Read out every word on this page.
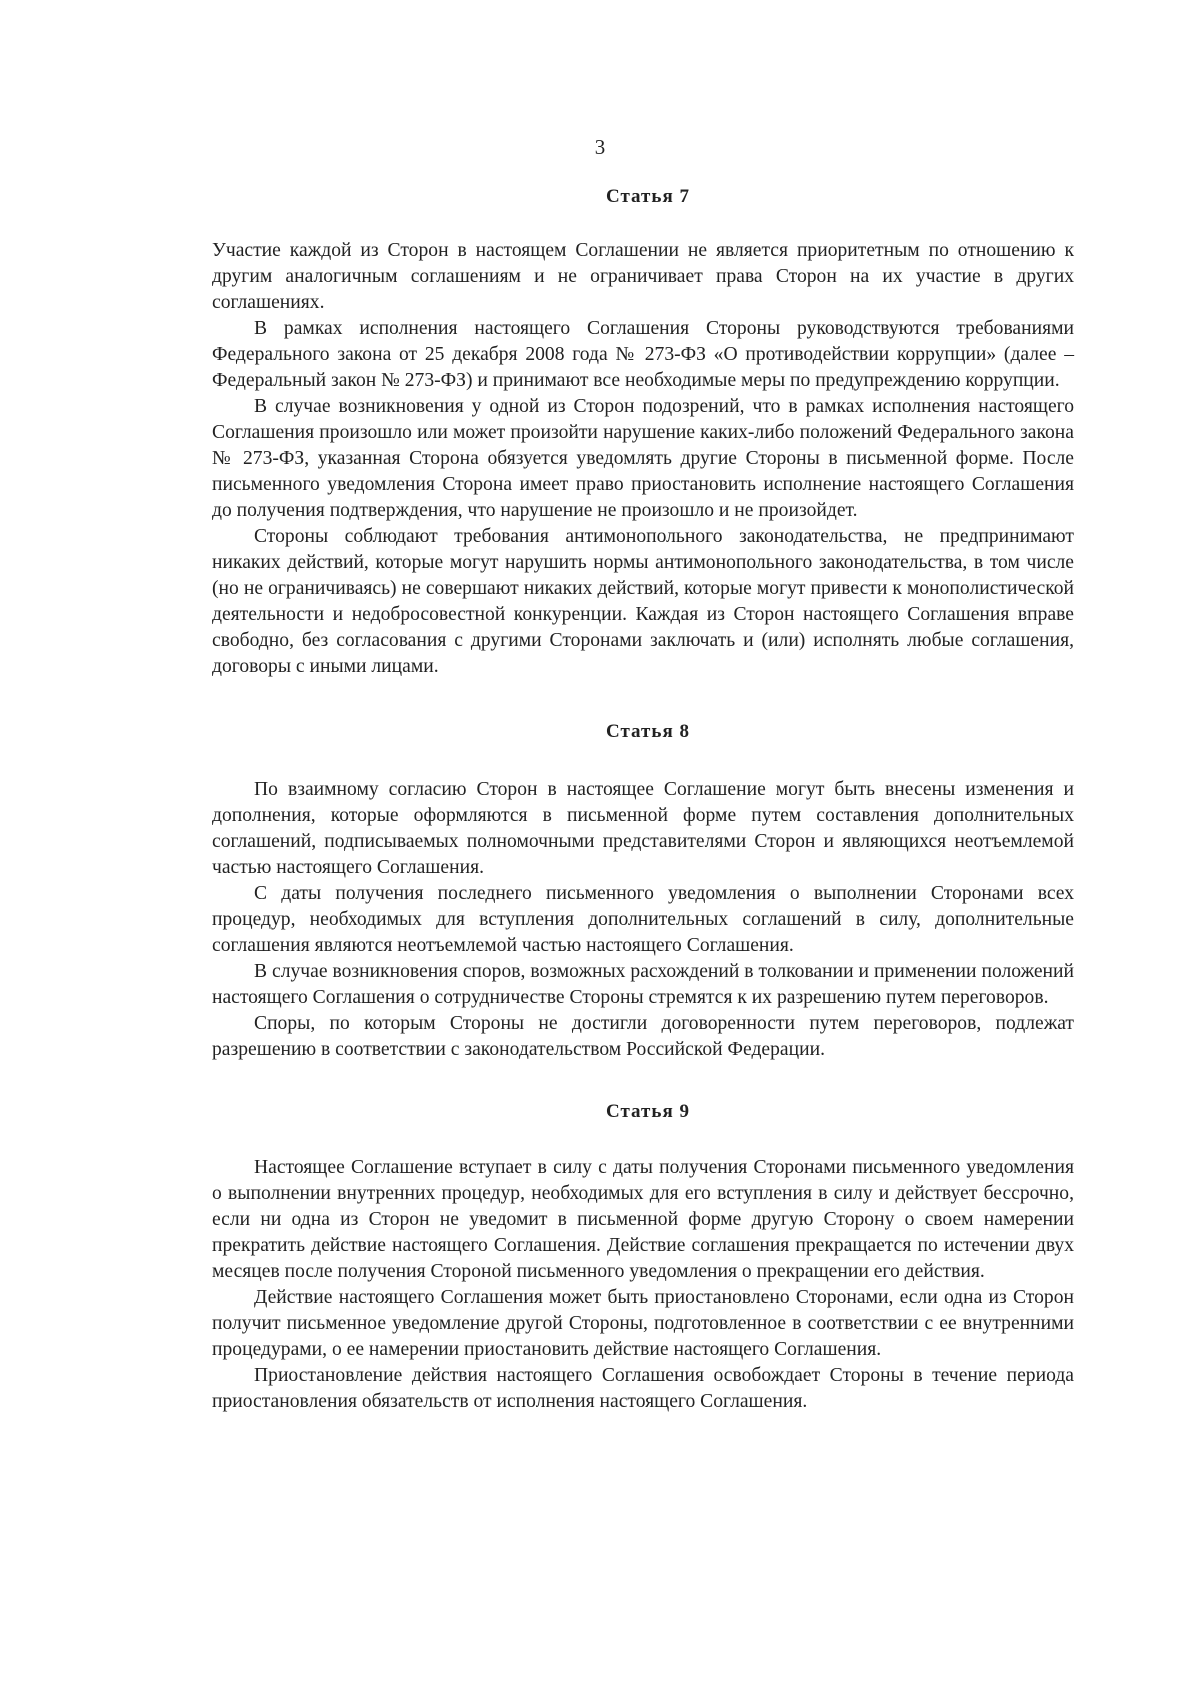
3
Статья 7

Участие каждой из Сторон в настоящем Соглашении не является приоритетным по отношению к другим аналогичным соглашениям и не ограничивает права Сторон на их участие в других соглашениях.

В рамках исполнения настоящего Соглашения Стороны руководствуются требованиями Федерального закона от 25 декабря 2008 года № 273-ФЗ «О противодействии коррупции» (далее – Федеральный закон № 273-ФЗ) и принимают все необходимые меры по предупреждению коррупции.

В случае возникновения у одной из Сторон подозрений, что в рамках исполнения настоящего Соглашения произошло или может произойти нарушение каких-либо положений Федерального закона № 273-ФЗ, указанная Сторона обязуется уведомлять другие Стороны в письменной форме. После письменного уведомления Сторона имеет право приостановить исполнение настоящего Соглашения до получения подтверждения, что нарушение не произошло и не произойдет.

Стороны соблюдают требования антимонопольного законодательства, не предпринимают никаких действий, которые могут нарушить нормы антимонопольного законодательства, в том числе (но не ограничиваясь) не совершают никаких действий, которые могут привести к монополистической деятельности и недобросовестной конкуренции. Каждая из Сторон настоящего Соглашения вправе свободно, без согласования с другими Сторонами заключать и (или) исполнять любые соглашения, договоры с иными лицами.

Статья 8

По взаимному согласию Сторон в настоящее Соглашение могут быть внесены изменения и дополнения, которые оформляются в письменной форме путем составления дополнительных соглашений, подписываемых полномочными представителями Сторон и являющихся неотъемлемой частью настоящего Соглашения.

С даты получения последнего письменного уведомления о выполнении Сторонами всех процедур, необходимых для вступления дополнительных соглашений в силу, дополнительные соглашения являются неотъемлемой частью настоящего Соглашения.

В случае возникновения споров, возможных расхождений в толковании и применении положений настоящего Соглашения о сотрудничестве Стороны стремятся к их разрешению путем переговоров.

Споры, по которым Стороны не достигли договоренности путем переговоров, подлежат разрешению в соответствии с законодательством Российской Федерации.

Статья 9

Настоящее Соглашение вступает в силу с даты получения Сторонами письменного уведомления о выполнении внутренних процедур, необходимых для его вступления в силу и действует бессрочно, если ни одна из Сторон не уведомит в письменной форме другую Сторону о своем намерении прекратить действие настоящего Соглашения. Действие соглашения прекращается по истечении двух месяцев после получения Стороной письменного уведомления о прекращении его действия.

Действие настоящего Соглашения может быть приостановлено Сторонами, если одна из Сторон получит письменное уведомление другой Стороны, подготовленное в соответствии с ее внутренними процедурами, о ее намерении приостановить действие настоящего Соглашения.

Приостановление действия настоящего Соглашения освобождает Стороны в течение периода приостановления обязательств от исполнения настоящего Соглашения.
